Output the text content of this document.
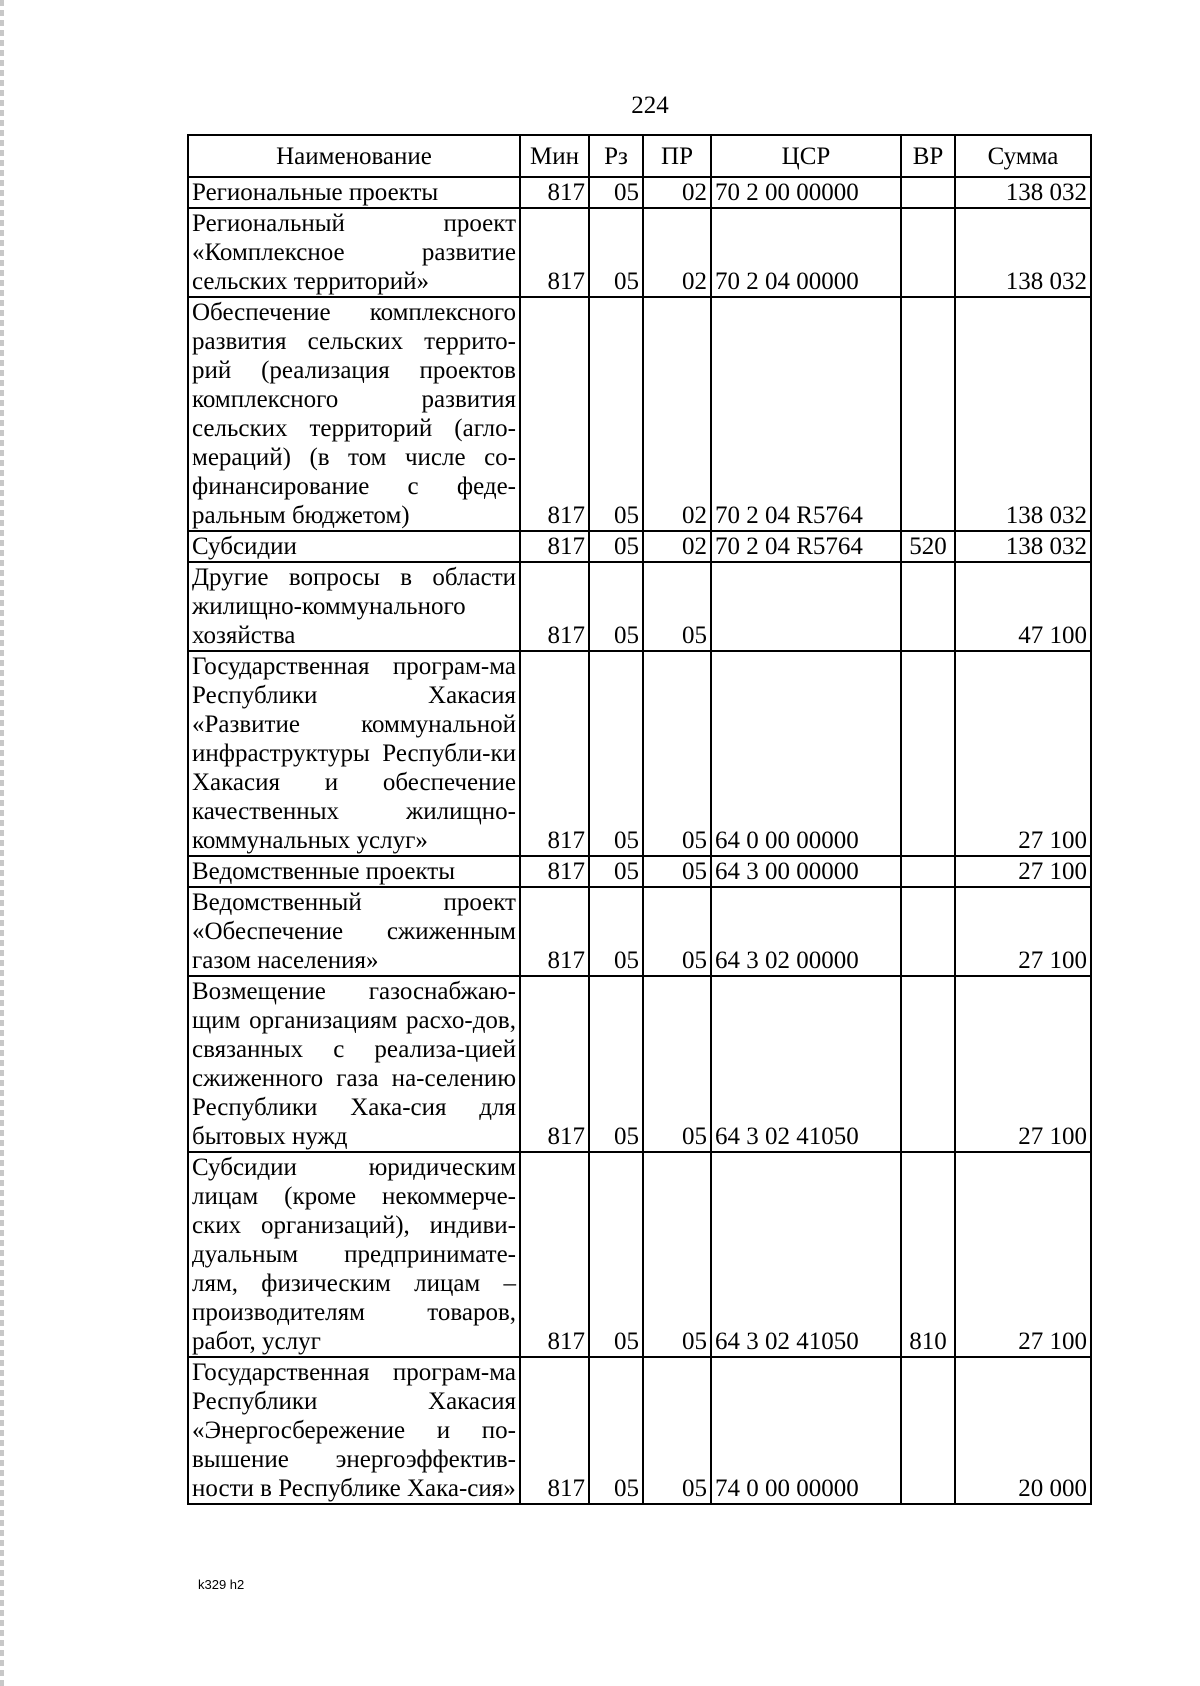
224
Наименование	Мин	Рз	ПР	ЦСР	ВР	Сумма
Региональные проекты	817	05	02	70 2 00 00000		138 032
Региональный проект «Комплексное развитие сельских территорий»	817	05	02	70 2 04 00000		138 032
Обеспечение комплексного развития сельских террито-рий (реализация проектов комплексного развития сельских территорий (агло-мераций) (в том числе со-финансирование с феде-ральным бюджетом)	817	05	02	70 2 04 R5764		138 032
Субсидии	817	05	02	70 2 04 R5764	520	138 032
Другие вопросы в области жилищно-коммунального хозяйства	817	05	05			47 100
Государственная програм-ма Республики Хакасия «Развитие коммунальной инфраструктуры Республи-ки Хакасия и обеспечение качественных жилищно-коммунальных услуг»	817	05	05	64 0 00 00000		27 100
Ведомственные проекты	817	05	05	64 3 00 00000		27 100
Ведомственный проект «Обеспечение сжиженным газом населения»	817	05	05	64 3 02 00000		27 100
Возмещение газоснабжаю-щим организациям расхо-дов, связанных с реализа-цией сжиженного газа на-селению Республики Хака-сия для бытовых нужд	817	05	05	64 3 02 41050		27 100
Субсидии юридическим лицам (кроме некоммерче-ских организаций), индиви-дуальным предпринимате-лям, физическим лицам – производителям товаров, работ, услуг	817	05	05	64 3 02 41050	810	27 100
Государственная програм-ма Республики Хакасия «Энергосбережение и по-вышение энергоэффектив-ности в Республике Хака-сия»	817	05	05	74 0 00 00000		20 000
k329 h2
